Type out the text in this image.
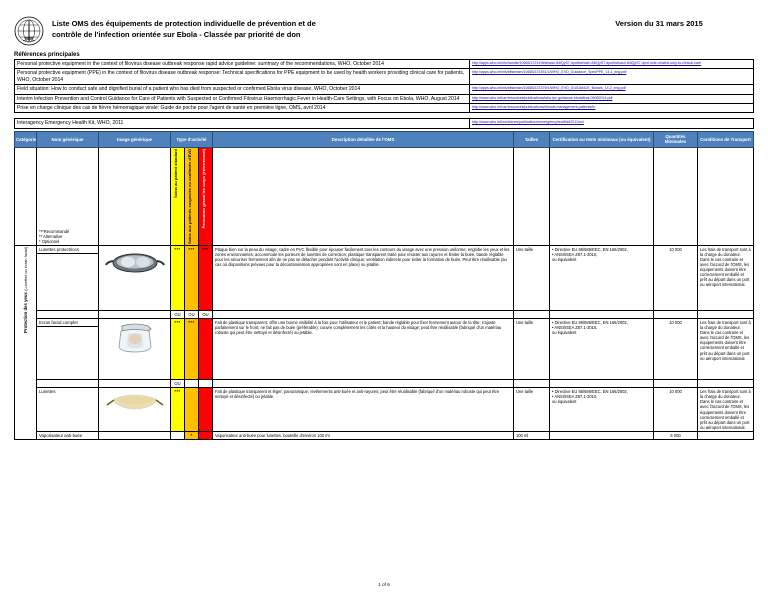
Liste OMS des équipements de protection individuelle de prévention et de
contrôle de l'infection orientée sur Ebola - Classée par priorité de don
Version du 31 mars 2015
Références principales
Personal protective equipment in the context of filovirus disease outbreak response rapid advice guideline: summary of the recommendations, WHO, October 2014	http://apps.who.int/iris/handle/10665/137419#sthash.84lQyS7.dpuf#sthash.84lQyS7.dpuf#sthash.84lQyS7.dpuf-note-related-only-to-clinical-care

Personal protective equipment (PPE) in the context of filovirus disease outbreak response: Technical specifications for PPE equipment to be used by health workers providing clinical care for patients, WHO, October 2014	http://apps.who.int/iris/bitstream/10665/137451/1/WHO_EVD_Guidance_SpecPPE_14.1_eng.pdf

Field situation: How to conduct safe and dignified burial of a patient who has died from suspected or confirmed Ebola virus disease, WHO, October 2014	http://apps.who.int/iris/bitstream/10665/137379/1/WHO_EVD_GUIDANCE_Burials_14.2_eng.pdf

Interim Infection Prevention and Control Guidance for Care of Patients with Suspected or Confirmed Filovirus Haemorrhagic Fever in Health-Care Settings, with Focus on Ebola, WHO, August 2014	http://www.who.int/csr/resources/publications/who-ipc-guidance-ebolafinal-09082014.pdf

Prise en charge clinique des cas de fièvre hémorragique virale: Guide de poche pour l'agent de santé en première ligne, OMS, avril 2014	http://www.who.int/csr/resources/publications/clinical-management-patients/fr/

Interagency Emergency Health Kit, WHO, 2011	http://www.who.int/medicines/publications/emergencyhealthkit2011/en/
Catégorie	Nom générique	Image générique	Type d'activité			Description détaillée de l'OMS	Tailles	Certification ou tests minimaux (ou équivalent)	Quantités Minimales	Conditions de Transport

	***Recommandé
** Alternative
* Optionnel		Soins au patient standard	Soins aux patients suspectés ou confirmés d'EVD	Personnes gérant les corps (enterrement)					

Protection des yeux (Lunettes ou écran facial)	Lunettes protectrices		***	***	***	Plaque bien sur la peau du visage; cadre en PVC flexible pour épouser facilement tous les contours du visage avec une pression uniforme; englobe les yeux et les zones environnantes; accommode les porteurs de lunettes de correction; plastique transparent traité pour résister aux rayures et limiter la buée, bande réglable pour les sécuriser fermement afin de ne pas se détacher pendant l'activité clinique; ventilation indirecte pour éviter la formation de buée, Peut être réutilisable (au cas où dispositions prévues pour la décontamination appropriées sont en place) ou jetable.	Une taille	• Directive EU 86/686/EEC, EN 166/2002,
• ANSI/ISEA Z87.1-2010,
ou équivalent
	10 000	Les frais de transport sont à la charge du donateur. Dans le cas contraire et avec l'accord de l'OMS, les équipements doivent être correctement emballé et prêt au départ dans un port ou aéroport international.

			OU	OU	OU					
Ecran facial complet		***	***		Fait de plastique transparent; offre une bonne visibilité à la fois pour l'utilisateur et le patient; bande réglable pour fixer fermement autour de la tête; s'ajuste parfaitement sur le front; ne fait pas de buée (préférable); couvre complètement les côtés et la hauteur du visage; peut être réutilisable (fabriqué d'un matériau robuste qui peut être nettoyé et désinfecté) ou jetable.	Une taille	• Directive EU 86/686/EEC, EN 166/2002,
• ANSI/ISEA Z87.1-2010,
ou équivalent
	10 000	Les frais de transport sont à la charge du donateur. Dans le cas contraire et avec l'accord de l'OMS, les équipements doivent être correctement emballé et prêt au départ dans un port ou aéroport international.

			OU							
Lunettes		***			Fait de plastique transparent et léger; panoramique; revêtements anti-buée et anti-rayures; peut être réutilisable (fabriqué d'un matériau robuste qui peut être nettoyé et désinfecté) ou jetable.	Une taille	• Directive EU 86/686/EEC, EN 166/2002,
• ANSI/ISEA Z87.1-2010,
ou équivalent
	10 000	Les frais de transport sont à la charge du donateur. Dans le cas contraire et avec l'accord de l'OMS, les équipements doivent être correctement emballé et prêt au départ dans un port ou aéroport international.
	Vaporisateur anti-buée			*		Vaporisateur anti-buée pour lunettes, bouteille d'environ 100 ml	100 ml		5 000	
1 of 6
